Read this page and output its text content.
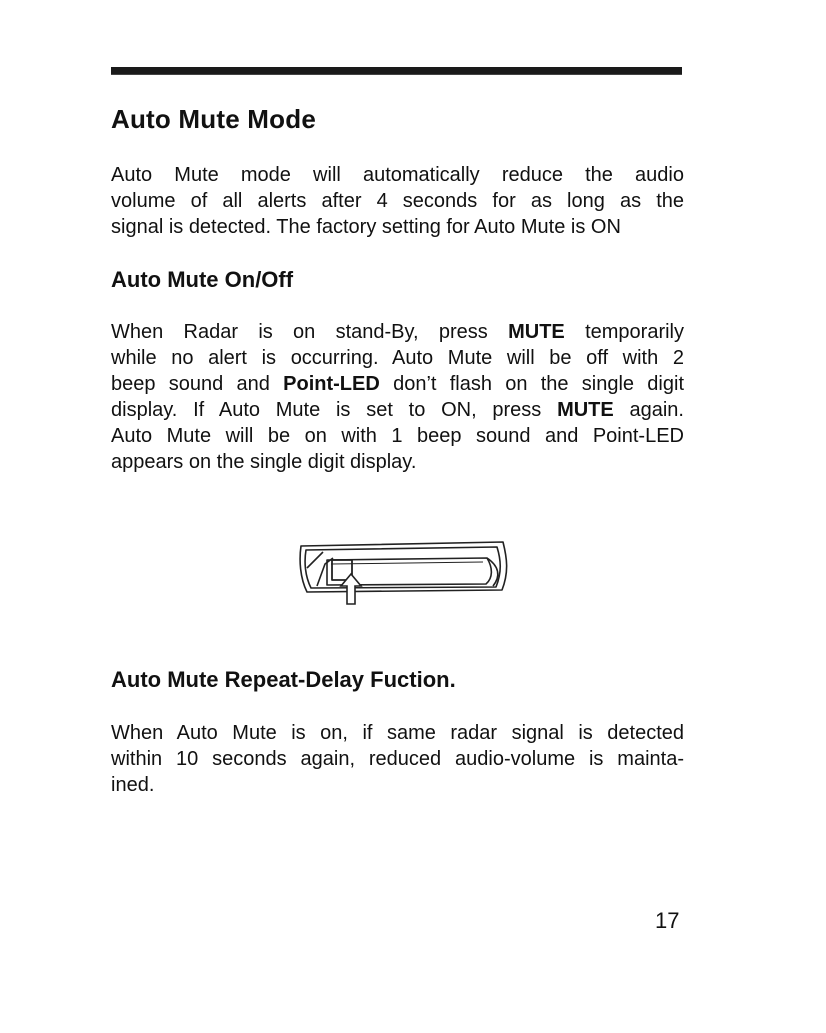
Auto Mute Mode

Auto Mute mode will automatically reduce the audio
volume of all alerts after 4 seconds for as long as the
signal is detected. The factory setting for Auto Mute is ON

Auto Mute On/Off

When Radar is on stand-By, press MUTE temporarily
while no alert is occurring. Auto Mute will be off with 2
beep sound and Point-LED don’t flash on the single digit
display. If Auto Mute is set to ON, press MUTE again.
Auto Mute will be on with 1 beep sound and Point-LED
appears on the single digit display.

Auto Mute Repeat-Delay Fuction.

When Auto Mute is on, if same radar signal is detected
within 10 seconds again, reduced audio-volume is mainta-
ined.

17
